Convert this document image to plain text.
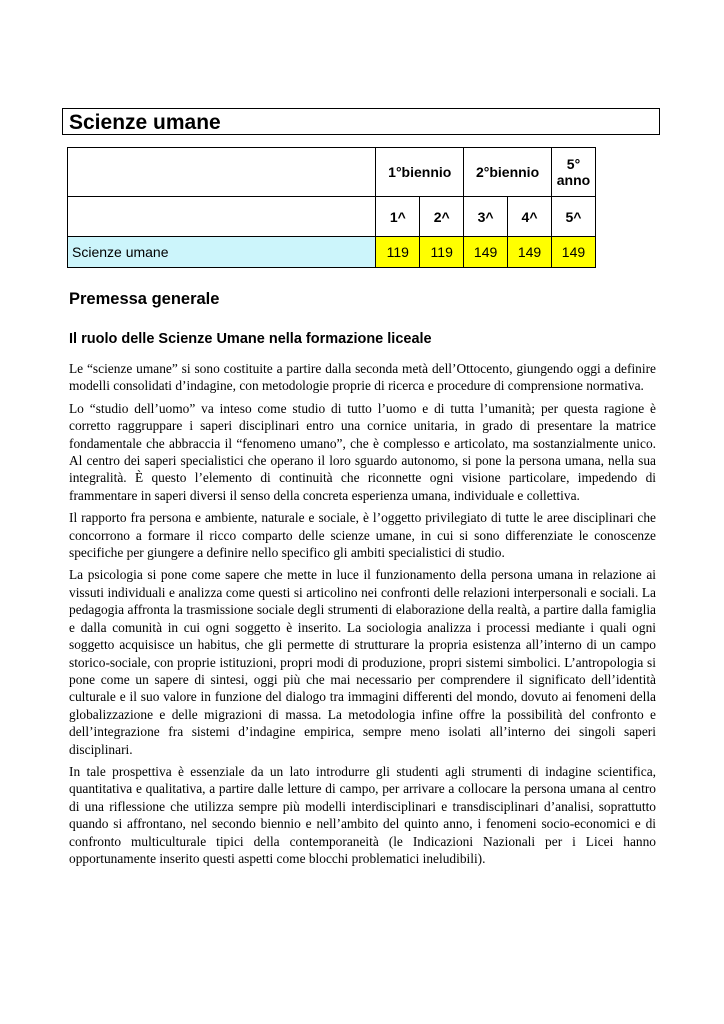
Scienze umane
	1°biennio		2°biennio		5° anno
	1^	2^	3^	4^	5^
Scienze umane	119	119	149	149	149
Premessa generale
Il ruolo delle Scienze Umane nella formazione liceale

Le “scienze umane” si sono costituite a partire dalla seconda metà dell’Ottocento, giungendo oggi a definire modelli consolidati d’indagine, con metodologie proprie di ricerca e procedure di comprensione normativa.

Lo “studio dell’uomo” va inteso come studio di tutto l’uomo e di tutta l’umanità; per questa ragione è corretto raggruppare i saperi disciplinari entro una cornice unitaria, in grado di presentare la matrice fondamentale che abbraccia il “fenomeno umano”, che è complesso e articolato, ma sostanzialmente unico. Al centro dei saperi specialistici che operano il loro sguardo autonomo, si pone la persona umana, nella sua integralità. È questo l’elemento di continuità che riconnette ogni visione particolare, impedendo di frammentare in saperi diversi il senso della concreta esperienza umana, individuale e collettiva.

Il rapporto fra persona e ambiente, naturale e sociale, è l’oggetto privilegiato di tutte le aree disciplinari che concorrono a formare il ricco comparto delle scienze umane, in cui si sono differenziate le conoscenze specifiche per giungere a definire nello specifico gli ambiti specialistici di studio.

La psicologia si pone come sapere che mette in luce il funzionamento della persona umana in relazione ai vissuti individuali e analizza come questi si articolino nei confronti delle relazioni interpersonali e sociali. La pedagogia affronta la trasmissione sociale degli strumenti di elaborazione della realtà, a partire dalla famiglia e dalla comunità in cui ogni soggetto è inserito. La sociologia analizza i processi mediante i quali ogni soggetto acquisisce un habitus, che gli permette di strutturare la propria esistenza all’interno di un campo storico-sociale, con proprie istituzioni, propri modi di produzione, propri sistemi simbolici. L’antropologia si pone come un sapere di sintesi, oggi più che mai necessario per comprendere il significato dell’identità culturale e il suo valore in funzione del dialogo tra immagini differenti del mondo, dovuto ai fenomeni della globalizzazione e delle migrazioni di massa. La metodologia infine offre la possibilità del confronto e dell’integrazione fra sistemi d’indagine empirica, sempre meno isolati all’interno dei singoli saperi disciplinari.

In tale prospettiva è essenziale da un lato introdurre gli studenti agli strumenti di indagine scientifica, quantitativa e qualitativa, a partire dalle letture di campo, per arrivare a collocare la persona umana al centro di una riflessione che utilizza sempre più modelli interdisciplinari e transdisciplinari d’analisi, soprattutto quando si affrontano, nel secondo biennio e nell’ambito del quinto anno, i fenomeni socio-economici e di confronto multiculturale tipici della contemporaneità (le Indicazioni Nazionali per i Licei hanno opportunamente inserito questi aspetti come blocchi problematici ineludibili).
